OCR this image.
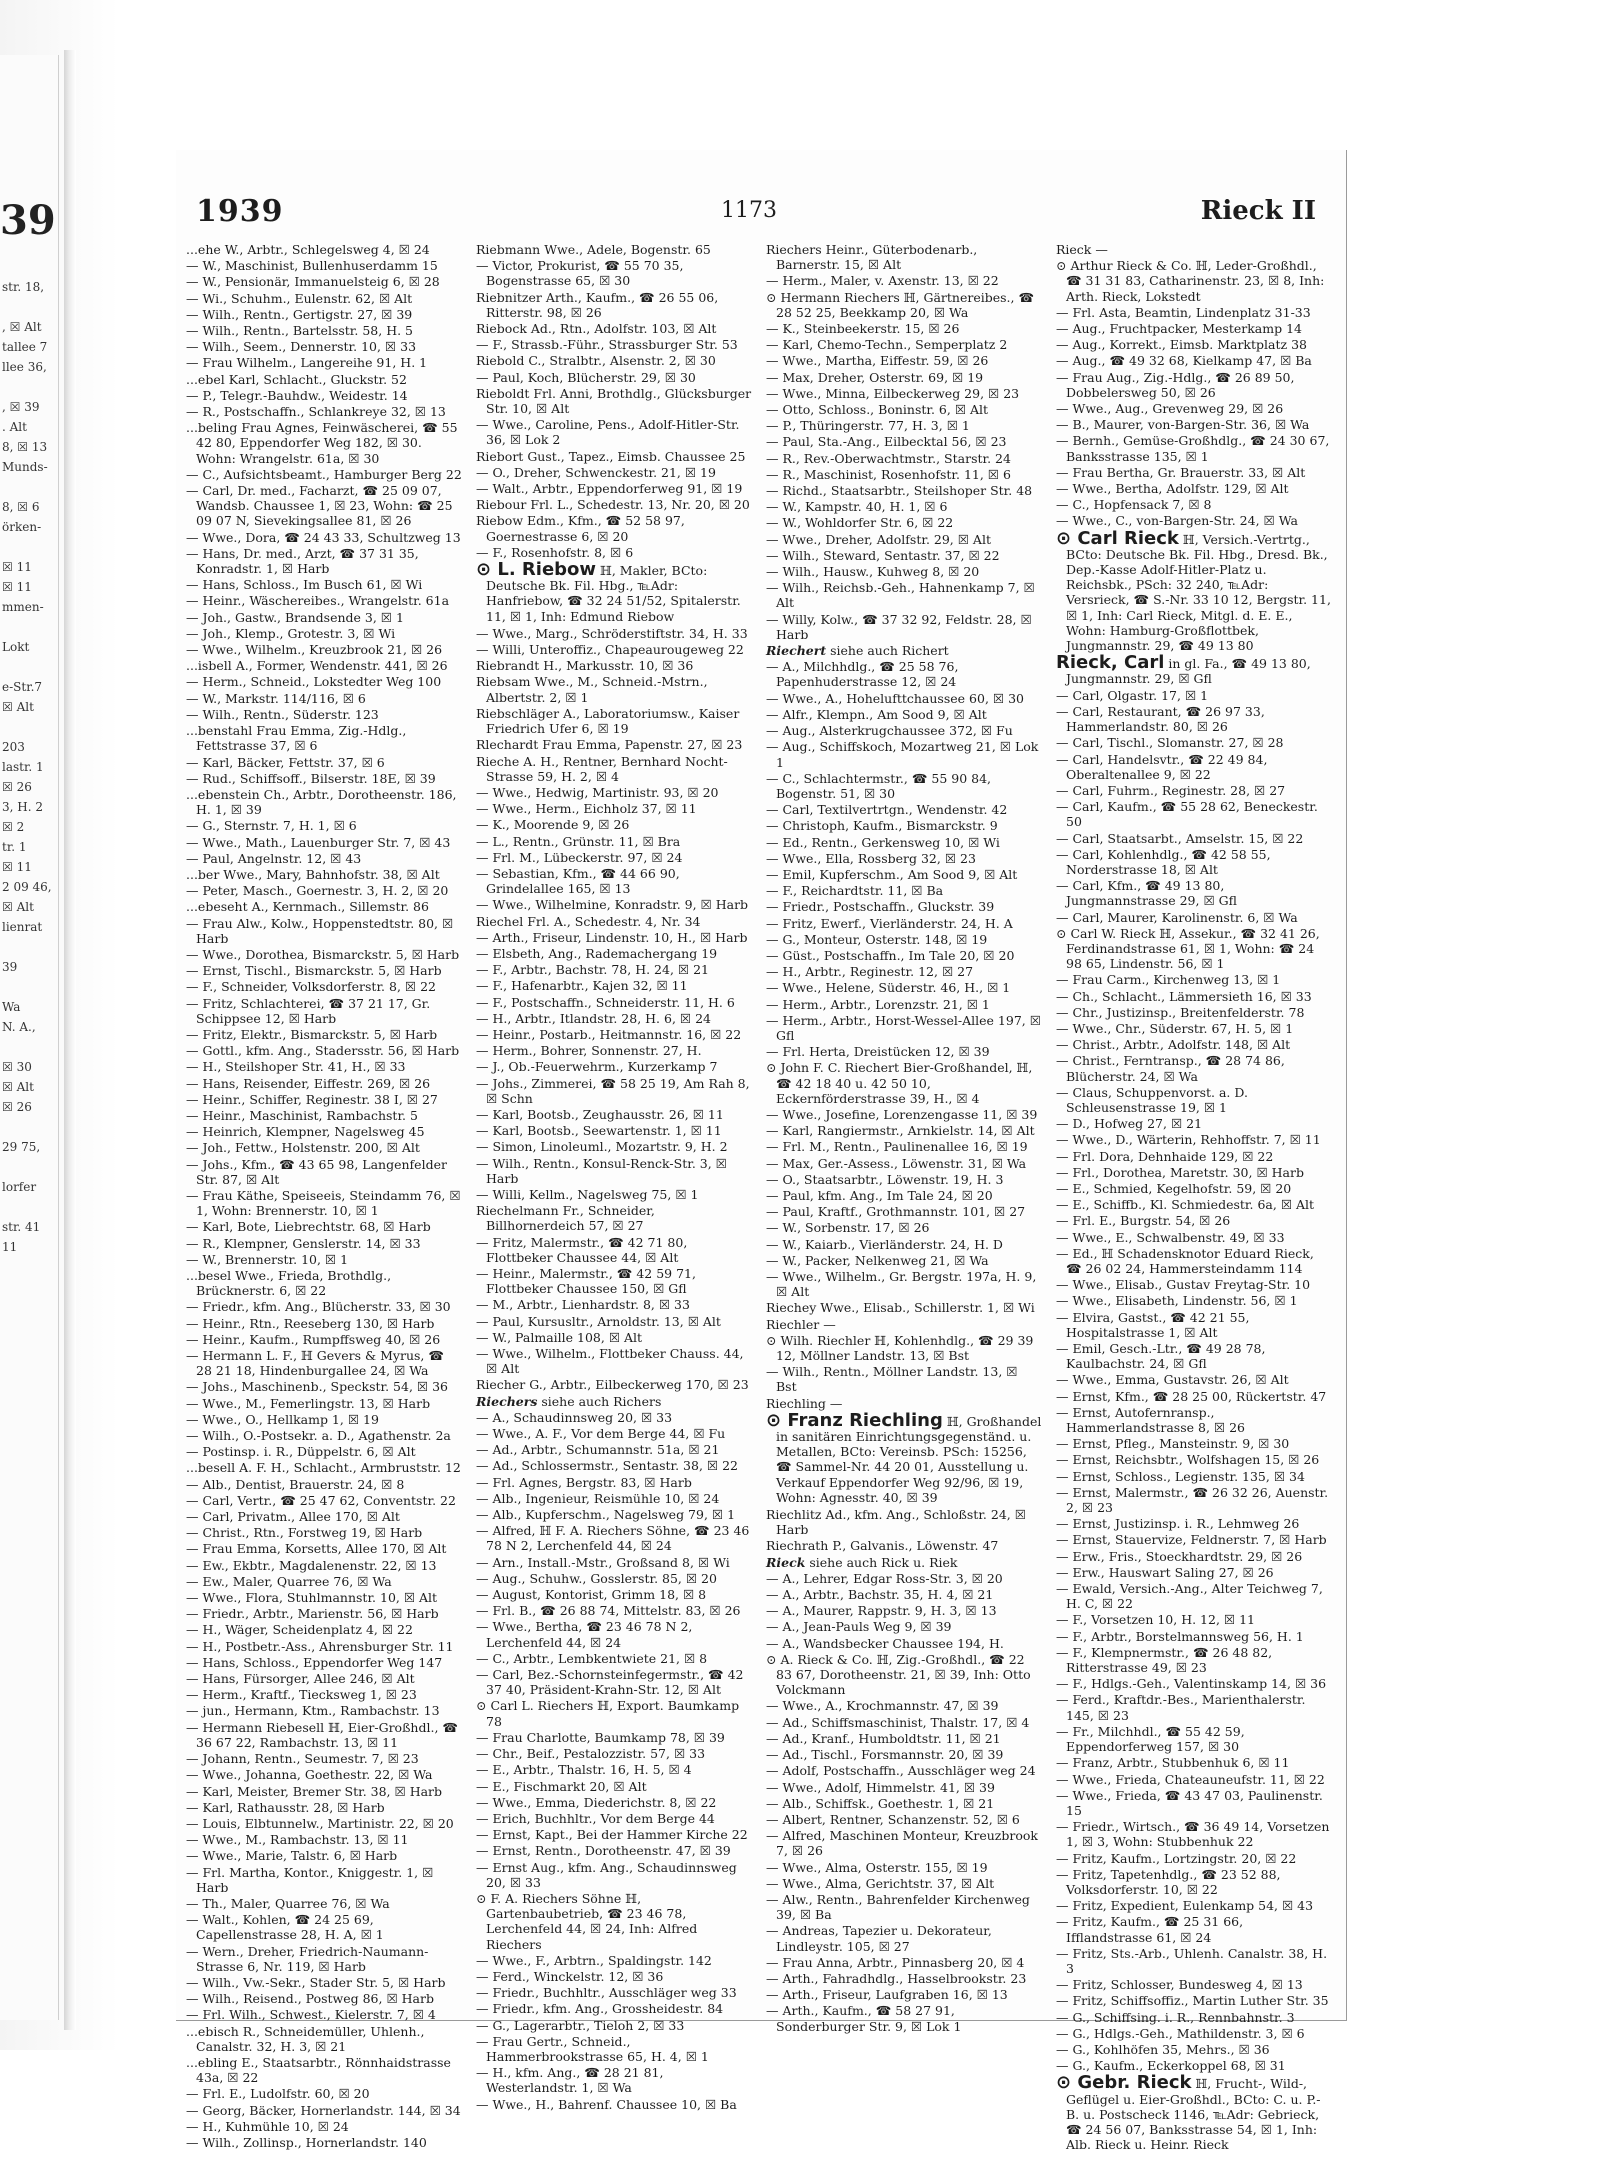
39
str. 18,

, ☒ Alt
tallee 7
llee 36,

, ☒ 39
. Alt
8, ☒ 13
Munds-

8, ☒ 6
örken-

☒ 11
☒ 11
mmen-

Lokt

e-Str.7
☒ Alt

203
lastr. 1
☒ 26
3, H. 2
☒ 2
tr. 1
☒ 11
2 09 46,
☒ Alt
lienrat

39

Wa
N. A.,

☒ 30
☒ Alt
☒ 26

29 75,

lorfer

str. 41
11
1939	1173	Rieck II
...ehe W., Arbtr., Schlegelsweg 4, ☒ 24
— W., Maschinist, Bullenhuserdamm 15
— W., Pensionär, Immanuelsteig 6, ☒ 28
— Wi., Schuhm., Eulenstr. 62, ☒ Alt
— Wilh., Rentn., Gertigstr. 27, ☒ 39
— Wilh., Rentn., Bartelsstr. 58, H. 5
— Wilh., Seem., Dennerstr. 10, ☒ 33
— Frau Wilhelm., Langereihe 91, H. 1
...ebel Karl, Schlacht., Gluckstr. 52
— P., Telegr.-Bauhdw., Weidestr. 14
— R., Postschaffn., Schlankreye 32, ☒ 13
...beling Frau Agnes, Feinwäscherei, ☎ 55 42 80, Eppendorfer Weg 182, ☒ 30. Wohn: Wrangelstr. 61a, ☒ 30
— C., Aufsichtsbeamt., Hamburger Berg 22
— Carl, Dr. med., Facharzt, ☎ 25 09 07, Wandsb. Chaussee 1, ☒ 23, Wohn: ☎ 25 09 07 N, Sievekingsallee 81, ☒ 26
— Wwe., Dora, ☎ 24 43 33, Schultzweg 13
— Hans, Dr. med., Arzt, ☎ 37 31 35, Konradstr. 1, ☒ Harb
— Hans, Schloss., Im Busch 61, ☒ Wi
— Heinr., Wäschereibes., Wrangelstr. 61a
— Joh., Gastw., Brandsende 3, ☒ 1
— Joh., Klemp., Grotestr. 3, ☒ Wi
— Wwe., Wilhelm., Kreuzbrook 21, ☒ 26
...isbell A., Former, Wendenstr. 441, ☒ 26
— Herm., Schneid., Lokstedter Weg 100
— W., Markstr. 114/116, ☒ 6
— Wilh., Rentn., Süderstr. 123
...benstahl Frau Emma, Zig.-Hdlg., Fettstrasse 37, ☒ 6
— Karl, Bäcker, Fettstr. 37, ☒ 6
— Rud., Schiffsoff., Bilserstr. 18E, ☒ 39
...ebenstein Ch., Arbtr., Dorotheenstr. 186, H. 1, ☒ 39
— G., Sternstr. 7, H. 1, ☒ 6
— Wwe., Math., Lauenburger Str. 7, ☒ 43
— Paul, Angelnstr. 12, ☒ 43
...ber Wwe., Mary, Bahnhofstr. 38, ☒ Alt
— Peter, Masch., Goernestr. 3, H. 2, ☒ 20
...ebeseht A., Kernmach., Sillemstr. 86
— Frau Alw., Kolw., Hoppenstedtstr. 80, ☒ Harb
— Wwe., Dorothea, Bismarckstr. 5, ☒ Harb
— Ernst, Tischl., Bismarckstr. 5, ☒ Harb
— F., Schneider, Volksdorferstr. 8, ☒ 22
— Fritz, Schlachterei, ☎ 37 21 17, Gr. Schippsee 12, ☒ Harb
— Fritz, Elektr., Bismarckstr. 5, ☒ Harb
— Gottl., kfm. Ang., Stadersstr. 56, ☒ Harb
— H., Steilshoper Str. 41, H., ☒ 33
— Hans, Reisender, Eiffestr. 269, ☒ 26
— Heinr., Schiffer, Reginestr. 38 I, ☒ 27
— Heinr., Maschinist, Rambachstr. 5
— Heinrich, Klempner, Nagelsweg 45
— Joh., Fettw., Holstenstr. 200, ☒ Alt
— Johs., Kfm., ☎ 43 65 98, Langenfelder Str. 87, ☒ Alt
— Frau Käthe, Speiseeis, Steindamm 76, ☒ 1, Wohn: Brennerstr. 10, ☒ 1
— Karl, Bote, Liebrechtstr. 68, ☒ Harb
— R., Klempner, Genslerstr. 14, ☒ 33
— W., Brennerstr. 10, ☒ 1
...besel Wwe., Frieda, Brothdlg., Brücknerstr. 6, ☒ 22
— Friedr., kfm. Ang., Blücherstr. 33, ☒ 30
— Heinr., Rtn., Reeseberg 130, ☒ Harb
— Heinr., Kaufm., Rumpffsweg 40, ☒ 26
— Hermann L. F., ℍ Gevers & Myrus, ☎ 28 21 18, Hindenburgallee 24, ☒ Wa
— Johs., Maschinenb., Speckstr. 54, ☒ 36
— Wwe., M., Femerlingstr. 13, ☒ Harb
— Wwe., O., Hellkamp 1, ☒ 19
— Wilh., O.-Postsekr. a. D., Agathenstr. 2a
— Postinsp. i. R., Düppelstr. 6, ☒ Alt
...besell A. F. H., Schlacht., Armbruststr. 12
— Alb., Dentist, Brauerstr. 24, ☒ 8
— Carl, Vertr., ☎ 25 47 62, Conventstr. 22
— Carl, Privatm., Allee 170, ☒ Alt
— Christ., Rtn., Forstweg 19, ☒ Harb
— Frau Emma, Korsetts, Allee 170, ☒ Alt
— Ew., Ekbtr., Magdalenenstr. 22, ☒ 13
— Ew., Maler, Quarree 76, ☒ Wa
— Wwe., Flora, Stuhlmannstr. 10, ☒ Alt
— Friedr., Arbtr., Marienstr. 56, ☒ Harb
— H., Wäger, Scheidenplatz 4, ☒ 22
— H., Postbetr.-Ass., Ahrensburger Str. 11
— Hans, Schloss., Eppendorfer Weg 147
— Hans, Fürsorger, Allee 246, ☒ Alt
— Herm., Kraftf., Tiecksweg 1, ☒ 23
— jun., Hermann, Ktm., Rambachstr. 13
— Hermann Riebesell ℍ, Eier-Großhdl., ☎ 36 67 22, Rambachstr. 13, ☒ 11
— Johann, Rentn., Seumestr. 7, ☒ 23
— Wwe., Johanna, Goethestr. 22, ☒ Wa
— Karl, Meister, Bremer Str. 38, ☒ Harb
— Karl, Rathausstr. 28, ☒ Harb
— Louis, Elbtunnelw., Martinistr. 22, ☒ 20
— Wwe., M., Rambachstr. 13, ☒ 11
— Wwe., Marie, Talstr. 6, ☒ Harb
— Frl. Martha, Kontor., Kniggestr. 1, ☒ Harb
— Th., Maler, Quarree 76, ☒ Wa
— Walt., Kohlen, ☎ 24 25 69, Capellenstrasse 28, H. A, ☒ 1
— Wern., Dreher, Friedrich-Naumann-Strasse 6, Nr. 119, ☒ Harb
— Wilh., Vw.-Sekr., Stader Str. 5, ☒ Harb
— Wilh., Reisend., Postweg 86, ☒ Harb
— Frl. Wilh., Schwest., Kielerstr. 7, ☒ 4
...ebisch R., Schneidemüller, Uhlenh., Canalstr. 32, H. 3, ☒ 21
...ebling E., Staatsarbtr., Rönnhaidstrasse 43a, ☒ 22
— Frl. E., Ludolfstr. 60, ☒ 20
— Georg, Bäcker, Hornerlandstr. 144, ☒ 34
— H., Kuhmühle 10, ☒ 24
— Wilh., Zollinsp., Hornerlandstr. 140
Riebmann Wwe., Adele, Bogenstr. 65
— Victor, Prokurist, ☎ 55 70 35, Bogenstrasse 65, ☒ 30
Riebnitzer Arth., Kaufm., ☎ 26 55 06, Ritterstr. 98, ☒ 26
Riebock Ad., Rtn., Adolfstr. 103, ☒ Alt
— F., Strassb.-Führ., Strassburger Str. 53
Riebold C., Stralbtr., Alsenstr. 2, ☒ 30
— Paul, Koch, Blücherstr. 29, ☒ 30
Rieboldt Frl. Anni, Brothdlg., Glücksburger Str. 10, ☒ Alt
— Wwe., Caroline, Pens., Adolf-Hitler-Str. 36, ☒ Lok 2
Riebort Gust., Tapez., Eimsb. Chaussee 25
— O., Dreher, Schwenckestr. 21, ☒ 19
— Walt., Arbtr., Eppendorferweg 91, ☒ 19
Riebour Frl. L., Schedestr. 13, Nr. 20, ☒ 20
Riebow Edm., Kfm., ☎ 52 58 97, Goernestrasse 6, ☒ 20
— F., Rosenhofstr. 8, ☒ 6
⊙ L. Riebow ℍ, Makler, BCto: Deutsche Bk. Fil. Hbg., ℡Adr: Hanfriebow, ☎ 32 24 51/52, Spitalerstr. 11, ☒ 1, Inh: Edmund Riebow
— Wwe., Marg., Schröderstiftstr. 34, H. 33
— Willi, Unteroffiz., Chapeaurougeweg 22
Riebrandt H., Markusstr. 10, ☒ 36
Riebsam Wwe., M., Schneid.-Mstrn., Albertstr. 2, ☒ 1
Riebschläger A., Laboratoriumsw., Kaiser Friedrich Ufer 6, ☒ 19
Rlechardt Frau Emma, Papenstr. 27, ☒ 23
Rieche A. H., Rentner, Bernhard Nocht-Strasse 59, H. 2, ☒ 4
— Wwe., Hedwig, Martinistr. 93, ☒ 20
— Wwe., Herm., Eichholz 37, ☒ 11
— K., Moorende 9, ☒ 26
— L., Rentn., Grünstr. 11, ☒ Bra
— Frl. M., Lübeckerstr. 97, ☒ 24
— Sebastian, Kfm., ☎ 44 66 90, Grindelallee 165, ☒ 13
— Wwe., Wilhelmine, Konradstr. 9, ☒ Harb
Riechel Frl. A., Schedestr. 4, Nr. 34
— Arth., Friseur, Lindenstr. 10, H., ☒ Harb
— Elsbeth, Ang., Rademachergang 19
— F., Arbtr., Bachstr. 78, H. 24, ☒ 21
— F., Hafenarbtr., Kajen 32, ☒ 11
— F., Postschaffn., Schneiderstr. 11, H. 6
— H., Arbtr., Itlandstr. 28, H. 6, ☒ 24
— Heinr., Postarb., Heitmannstr. 16, ☒ 22
— Herm., Bohrer, Sonnenstr. 27, H.
— J., Ob.-Feuerwehrm., Kurzerkamp 7
— Johs., Zimmerei, ☎ 58 25 19, Am Rah 8, ☒ Schn
— Karl, Bootsb., Zeughausstr. 26, ☒ 11
— Karl, Bootsb., Seewartenstr. 1, ☒ 11
— Simon, Linoleuml., Mozartstr. 9, H. 2
— Wilh., Rentn., Konsul-Renck-Str. 3, ☒ Harb
— Willi, Kellm., Nagelsweg 75, ☒ 1
Riechelmann Fr., Schneider, Billhornerdeich 57, ☒ 27
— Fritz, Malermstr., ☎ 42 71 80, Flottbeker Chaussee 44, ☒ Alt
— Heinr., Malermstr., ☎ 42 59 71, Flottbeker Chaussee 150, ☒ Gfl
— M., Arbtr., Lienhardstr. 8, ☒ 33
— Paul, Kursusltr., Arnoldstr. 13, ☒ Alt
— W., Palmaille 108, ☒ Alt
— Wwe., Wilhelm., Flottbeker Chauss. 44, ☒ Alt
Riecher G., Arbtr., Eilbeckerweg 170, ☒ 23
Riechers siehe auch Richers
— A., Schaudinnsweg 20, ☒ 33
— Wwe., A. F., Vor dem Berge 44, ☒ Fu
— Ad., Arbtr., Schumannstr. 51a, ☒ 21
— Ad., Schlossermstr., Sentastr. 38, ☒ 22
— Frl. Agnes, Bergstr. 83, ☒ Harb
— Alb., Ingenieur, Reismühle 10, ☒ 24
— Alb., Kupferschm., Nagelsweg 79, ☒ 1
— Alfred, ℍ F. A. Riechers Söhne, ☎ 23 46 78 N 2, Lerchenfeld 44, ☒ 24
— Arn., Install.-Mstr., Großsand 8, ☒ Wi
— Aug., Schuhw., Gosslerstr. 85, ☒ 20
— August, Kontorist, Grimm 18, ☒ 8
— Frl. B., ☎ 26 88 74, Mittelstr. 83, ☒ 26
— Wwe., Bertha, ☎ 23 46 78 N 2, Lerchenfeld 44, ☒ 24
— C., Arbtr., Lembkentwiete 21, ☒ 8
— Carl, Bez.-Schornsteinfegermstr., ☎ 42 37 40, Präsident-Krahn-Str. 12, ☒ Alt
⊙ Carl L. Riechers ℍ, Export. Baumkamp 78
— Frau Charlotte, Baumkamp 78, ☒ 39
— Chr., Beif., Pestalozzistr. 57, ☒ 33
— E., Arbtr., Thalstr. 16, H. 5, ☒ 4
— E., Fischmarkt 20, ☒ Alt
— Wwe., Emma, Diederichstr. 8, ☒ 22
— Erich, Buchhltr., Vor dem Berge 44
— Ernst, Kapt., Bei der Hammer Kirche 22
— Ernst, Rentn., Dorotheenstr. 47, ☒ 39
— Ernst Aug., kfm. Ang., Schaudinnsweg 20, ☒ 33
⊙ F. A. Riechers Söhne ℍ, Gartenbaubetrieb, ☎ 23 46 78, Lerchenfeld 44, ☒ 24, Inh: Alfred Riechers
— Wwe., F., Arbtrn., Spaldingstr. 142
— Ferd., Winckelstr. 12, ☒ 36
— Friedr., Buchhltr., Ausschläger weg 33
— Friedr., kfm. Ang., Grossheidestr. 84
— G., Lagerarbtr., Tieloh 2, ☒ 33
— Frau Gertr., Schneid., Hammerbrookstrasse 65, H. 4, ☒ 1
— H., kfm. Ang., ☎ 28 21 81, Westerlandstr. 1, ☒ Wa
— Wwe., H., Bahrenf. Chaussee 10, ☒ Ba
Riechers Heinr., Güterbodenarb., Barnerstr. 15, ☒ Alt
— Herm., Maler, v. Axenstr. 13, ☒ 22
⊙ Hermann Riechers ℍ, Gärtnereibes., ☎ 28 52 25, Beekkamp 20, ☒ Wa
— K., Steinbeekerstr. 15, ☒ 26
— Karl, Chemo-Techn., Semperplatz 2
— Wwe., Martha, Eiffestr. 59, ☒ 26
— Max, Dreher, Osterstr. 69, ☒ 19
— Wwe., Minna, Eilbeckerweg 29, ☒ 23
— Otto, Schloss., Boninstr. 6, ☒ Alt
— P., Thüringerstr. 77, H. 3, ☒ 1
— Paul, Sta.-Ang., Eilbecktal 56, ☒ 23
— R., Rev.-Oberwachtmstr., Starstr. 24
— R., Maschinist, Rosenhofstr. 11, ☒ 6
— Richd., Staatsarbtr., Steilshoper Str. 48
— W., Kampstr. 40, H. 1, ☒ 6
— W., Wohldorfer Str. 6, ☒ 22
— Wwe., Dreher, Adolfstr. 29, ☒ Alt
— Wilh., Steward, Sentastr. 37, ☒ 22
— Wilh., Hausw., Kuhweg 8, ☒ 20
— Wilh., Reichsb.-Geh., Hahnenkamp 7, ☒ Alt
— Willy, Kolw., ☎ 37 32 92, Feldstr. 28, ☒ Harb
Riechert siehe auch Richert
— A., Milchhdlg., ☎ 25 58 76, Papenhuderstrasse 12, ☒ 24
— Wwe., A., Hohelufttchaussee 60, ☒ 30
— Alfr., Klempn., Am Sood 9, ☒ Alt
— Aug., Alsterkrugchaussee 372, ☒ Fu
— Aug., Schiffskoch, Mozartweg 21, ☒ Lok 1
— C., Schlachtermstr., ☎ 55 90 84, Bogenstr. 51, ☒ 30
— Carl, Textilvertrtgn., Wendenstr. 42
— Christoph, Kaufm., Bismarckstr. 9
— Ed., Rentn., Gerkensweg 10, ☒ Wi
— Wwe., Ella, Rossberg 32, ☒ 23
— Emil, Kupferschm., Am Sood 9, ☒ Alt
— F., Reichardtstr. 11, ☒ Ba
— Friedr., Postschaffn., Gluckstr. 39
— Fritz, Ewerf., Vierländerstr. 24, H. A
— G., Monteur, Osterstr. 148, ☒ 19
— Güst., Postschaffn., Im Tale 20, ☒ 20
— H., Arbtr., Reginestr. 12, ☒ 27
— Wwe., Helene, Süderstr. 46, H., ☒ 1
— Herm., Arbtr., Lorenzstr. 21, ☒ 1
— Herm., Arbtr., Horst-Wessel-Allee 197, ☒ Gfl
— Frl. Herta, Dreistücken 12, ☒ 39
⊙ John F. C. Riechert Bier-Großhandel, ℍ, ☎ 42 18 40 u. 42 50 10, Eckernförderstrasse 39, H., ☒ 4
— Wwe., Josefine, Lorenzengasse 11, ☒ 39
— Karl, Rangiermstr., Arnkielstr. 14, ☒ Alt
— Frl. M., Rentn., Paulinenallee 16, ☒ 19
— Max, Ger.-Assess., Löwenstr. 31, ☒ Wa
— O., Staatsarbtr., Löwenstr. 19, H. 3
— Paul, kfm. Ang., Im Tale 24, ☒ 20
— Paul, Kraftf., Grothmannstr. 101, ☒ 27
— W., Sorbenstr. 17, ☒ 26
— W., Kaiarb., Vierländerstr. 24, H. D
— W., Packer, Nelkenweg 21, ☒ Wa
— Wwe., Wilhelm., Gr. Bergstr. 197a, H. 9, ☒ Alt
Riechey Wwe., Elisab., Schillerstr. 1, ☒ Wi
Riechler —
⊙ Wilh. Riechler ℍ, Kohlenhdlg., ☎ 29 39 12, Möllner Landstr. 13, ☒ Bst
— Wilh., Rentn., Möllner Landstr. 13, ☒ Bst
Riechling —
⊙ Franz Riechling ℍ, Großhandel in sanitären Einrichtungsgegenständ. u. Metallen, BCto: Vereinsb. PSch: 15256, ☎ Sammel-Nr. 44 20 01, Ausstellung u. Verkauf Eppendorfer Weg 92/96, ☒ 19, Wohn: Agnesstr. 40, ☒ 39
Riechlitz Ad., kfm. Ang., Schloßstr. 24, ☒ Harb
Riechrath P., Galvanis., Löwenstr. 47
Rieck siehe auch Rick u. Riek
— A., Lehrer, Edgar Ross-Str. 3, ☒ 20
— A., Arbtr., Bachstr. 35, H. 4, ☒ 21
— A., Maurer, Rappstr. 9, H. 3, ☒ 13
— A., Jean-Pauls Weg 9, ☒ 39
— A., Wandsbecker Chaussee 194, H.
⊙ A. Rieck & Co. ℍ, Zig.-Großhdl., ☎ 22 83 67, Dorotheenstr. 21, ☒ 39, Inh: Otto Volckmann
— Wwe., A., Krochmannstr. 47, ☒ 39
— Ad., Schiffsmaschinist, Thalstr. 17, ☒ 4
— Ad., Kranf., Humboldtstr. 11, ☒ 21
— Ad., Tischl., Forsmannstr. 20, ☒ 39
— Adolf, Postschaffn., Ausschläger weg 24
— Wwe., Adolf, Himmelstr. 41, ☒ 39
— Alb., Schiffsk., Goethestr. 1, ☒ 21
— Albert, Rentner, Schanzenstr. 52, ☒ 6
— Alfred, Maschinen Monteur, Kreuzbrook 7, ☒ 26
— Wwe., Alma, Osterstr. 155, ☒ 19
— Wwe., Alma, Gerichtstr. 37, ☒ Alt
— Alw., Rentn., Bahrenfelder Kirchenweg 39, ☒ Ba
— Andreas, Tapezier u. Dekorateur, Lindleystr. 105, ☒ 27
— Frau Anna, Arbtr., Pinnasberg 20, ☒ 4
— Arth., Fahradhdlg., Hasselbrookstr. 23
— Arth., Friseur, Laufgraben 16, ☒ 13
— Arth., Kaufm., ☎ 58 27 91, Sonderburger Str. 9, ☒ Lok 1
Rieck —
⊙ Arthur Rieck & Co. ℍ, Leder-Großhdl., ☎ 31 31 83, Catharinenstr. 23, ☒ 8, Inh: Arth. Rieck, Lokstedt
— Frl. Asta, Beamtin, Lindenplatz 31-33
— Aug., Fruchtpacker, Mesterkamp 14
— Aug., Korrekt., Eimsb. Marktplatz 38
— Aug., ☎ 49 32 68, Kielkamp 47, ☒ Ba
— Frau Aug., Zig.-Hdlg., ☎ 26 89 50, Dobbelersweg 50, ☒ 26
— Wwe., Aug., Grevenweg 29, ☒ 26
— B., Maurer, von-Bargen-Str. 36, ☒ Wa
— Bernh., Gemüse-Großhdlg., ☎ 24 30 67, Banksstrasse 135, ☒ 1
— Frau Bertha, Gr. Brauerstr. 33, ☒ Alt
— Wwe., Bertha, Adolfstr. 129, ☒ Alt
— C., Hopfensack 7, ☒ 8
— Wwe., C., von-Bargen-Str. 24, ☒ Wa
⊙ Carl Rieck ℍ, Versich.-Vertrtg., BCto: Deutsche Bk. Fil. Hbg., Dresd. Bk., Dep.-Kasse Adolf-Hitler-Platz u. Reichsbk., PSch: 32 240, ℡Adr: Versrieck, ☎ S.-Nr. 33 10 12, Bergstr. 11, ☒ 1, Inh: Carl Rieck, Mitgl. d. E. E., Wohn: Hamburg-Großflottbek, Jungmannstr. 29, ☎ 49 13 80
Rieck, Carl in gl. Fa., ☎ 49 13 80, Jungmannstr. 29, ☒ Gfl
— Carl, Olgastr. 17, ☒ 1
— Carl, Restaurant, ☎ 26 97 33, Hammerlandstr. 80, ☒ 26
— Carl, Tischl., Slomanstr. 27, ☒ 28
— Carl, Handelsvtr., ☎ 22 49 84, Oberaltenallee 9, ☒ 22
— Carl, Fuhrm., Reginestr. 28, ☒ 27
— Carl, Kaufm., ☎ 55 28 62, Beneckestr. 50
— Carl, Staatsarbt., Amselstr. 15, ☒ 22
— Carl, Kohlenhdlg., ☎ 42 58 55, Norderstrasse 18, ☒ Alt
— Carl, Kfm., ☎ 49 13 80, Jungmannstrasse 29, ☒ Gfl
— Carl, Maurer, Karolinenstr. 6, ☒ Wa
⊙ Carl W. Rieck ℍ, Assekur., ☎ 32 41 26, Ferdinandstrasse 61, ☒ 1, Wohn: ☎ 24 98 65, Lindenstr. 56, ☒ 1
— Frau Carm., Kirchenweg 13, ☒ 1
— Ch., Schlacht., Lämmersieth 16, ☒ 33
— Chr., Justizinsp., Breitenfelderstr. 78
— Wwe., Chr., Süderstr. 67, H. 5, ☒ 1
— Christ., Arbtr., Adolfstr. 148, ☒ Alt
— Christ., Ferntransp., ☎ 28 74 86, Blücherstr. 24, ☒ Wa
— Claus, Schuppenvorst. a. D. Schleusenstrasse 19, ☒ 1
— D., Hofweg 27, ☒ 21
— Wwe., D., Wärterin, Rehhoffstr. 7, ☒ 11
— Frl. Dora, Dehnhaide 129, ☒ 22
— Frl., Dorothea, Maretstr. 30, ☒ Harb
— E., Schmied, Kegelhofstr. 59, ☒ 20
— E., Schiffb., Kl. Schmiedestr. 6a, ☒ Alt
— Frl. E., Burgstr. 54, ☒ 26
— Wwe., E., Schwalbenstr. 49, ☒ 33
— Ed., ℍ Schadensknotor Eduard Rieck, ☎ 26 02 24, Hammersteindamm 114
— Wwe., Elisab., Gustav Freytag-Str. 10
— Wwe., Elisabeth, Lindenstr. 56, ☒ 1
— Elvira, Gastst., ☎ 42 21 55, Hospitalstrasse 1, ☒ Alt
— Emil, Gesch.-Ltr., ☎ 49 28 78, Kaulbachstr. 24, ☒ Gfl
— Wwe., Emma, Gustavstr. 26, ☒ Alt
— Ernst, Kfm., ☎ 28 25 00, Rückertstr. 47
— Ernst, Autofernransp., Hammerlandstrasse 8, ☒ 26
— Ernst, Pfleg., Mansteinstr. 9, ☒ 30
— Ernst, Reichsbtr., Wolfshagen 15, ☒ 26
— Ernst, Schloss., Legienstr. 135, ☒ 34
— Ernst, Malermstr., ☎ 26 32 26, Auenstr. 2, ☒ 23
— Ernst, Justizinsp. i. R., Lehmweg 26
— Ernst, Stauervize, Feldnerstr. 7, ☒ Harb
— Erw., Fris., Stoeckhardtstr. 29, ☒ 26
— Erw., Hauswart Saling 27, ☒ 26
— Ewald, Versich.-Ang., Alter Teichweg 7, H. C, ☒ 22
— F., Vorsetzen 10, H. 12, ☒ 11
— F., Arbtr., Borstelmannsweg 56, H. 1
— F., Klempnermstr., ☎ 26 48 82, Ritterstrasse 49, ☒ 23
— F., Hdlgs.-Geh., Valentinskamp 14, ☒ 36
— Ferd., Kraftdr.-Bes., Marienthalerstr. 145, ☒ 23
— Fr., Milchhdl., ☎ 55 42 59, Eppendorferweg 157, ☒ 30
— Franz, Arbtr., Stubbenhuk 6, ☒ 11
— Wwe., Frieda, Chateauneufstr. 11, ☒ 22
— Wwe., Frieda, ☎ 43 47 03, Paulinenstr. 15
— Friedr., Wirtsch., ☎ 36 49 14, Vorsetzen 1, ☒ 3, Wohn: Stubbenhuk 22
— Fritz, Kaufm., Lortzingstr. 20, ☒ 22
— Fritz, Tapetenhdlg., ☎ 23 52 88, Volksdorferstr. 10, ☒ 22
— Fritz, Expedient, Eulenkamp 54, ☒ 43
— Fritz, Kaufm., ☎ 25 31 66, Ifflandstrasse 61, ☒ 24
— Fritz, Sts.-Arb., Uhlenh. Canalstr. 38, H. 3
— Fritz, Schlosser, Bundesweg 4, ☒ 13
— Fritz, Schiffsoffiz., Martin Luther Str. 35
— G., Schiffsing. i. R., Rennbahnstr. 3
— G., Hdlgs.-Geh., Mathildenstr. 3, ☒ 6
— G., Kohlhöfen 35, Mehrs., ☒ 36
— G., Kaufm., Eckerkoppel 68, ☒ 31
⊙ Gebr. Rieck ℍ, Frucht-, Wild-, Geflügel u. Eier-Großhdl., BCto: C. u. P.-B. u. Postscheck 1146, ℡Adr: Gebrieck, ☎ 24 56 07, Banksstrasse 54, ☒ 1, Inh: Alb. Rieck u. Heinr. Rieck
